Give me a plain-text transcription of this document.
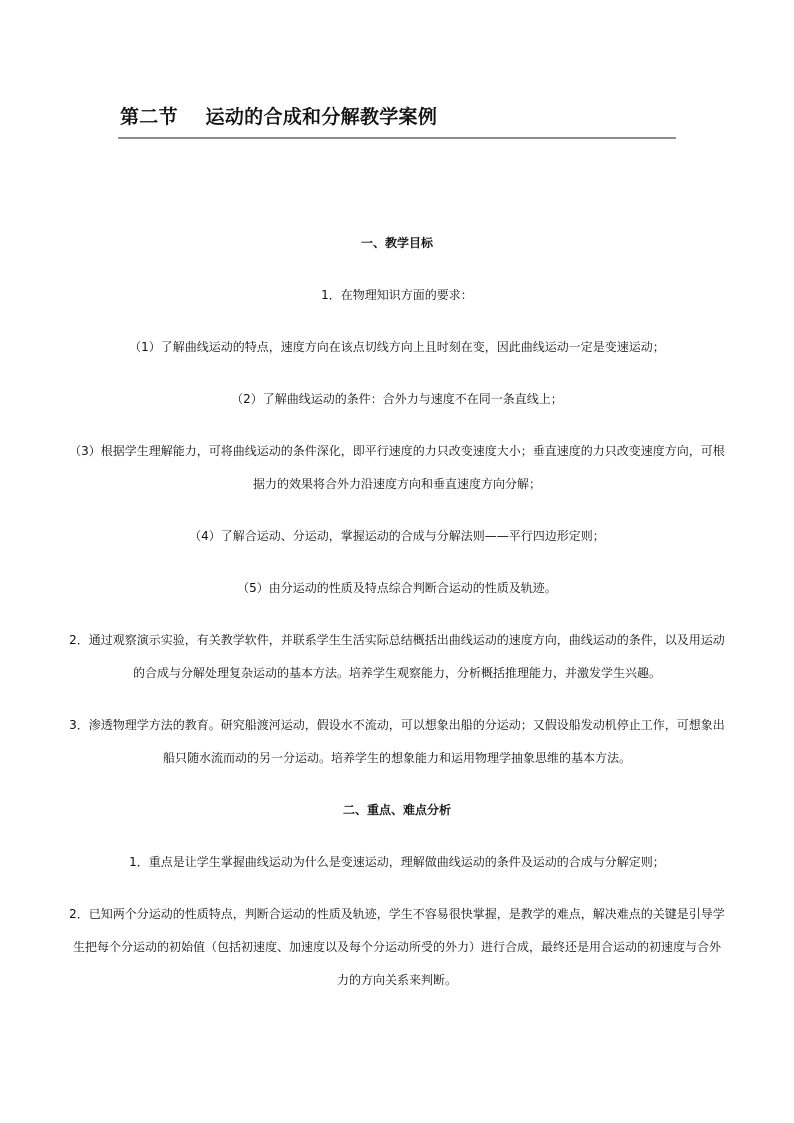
第二节    运动的合成和分解教学案例

一、教学目标

1．在物理知识方面的要求：

（1）了解曲线运动的特点，速度方向在该点切线方向上且时刻在变，因此曲线运动一定是变速运动；

（2）了解曲线运动的条件：合外力与速度不在同一条直线上；

（3）根据学生理解能力，可将曲线运动的条件深化，即平行速度的力只改变速度大小；垂直速度的力只改变速度方向，可根

据力的效果将合外力沿速度方向和垂直速度方向分解；

（4）了解合运动、分运动，掌握运动的合成与分解法则——平行四边形定则；

（5）由分运动的性质及特点综合判断合运动的性质及轨迹。

2．通过观察演示实验，有关教学软件，并联系学生生活实际总结概括出曲线运动的速度方向，曲线运动的条件，以及用运动

的合成与分解处理复杂运动的基本方法。培养学生观察能力，分析概括推理能力，并激发学生兴趣。

3．渗透物理学方法的教育。研究船渡河运动，假设水不流动，可以想象出船的分运动；又假设船发动机停止工作，可想象出

船只随水流而动的另一分运动。培养学生的想象能力和运用物理学抽象思维的基本方法。

二、重点、难点分析

1．重点是让学生掌握曲线运动为什么是变速运动，理解做曲线运动的条件及运动的合成与分解定则；

2．已知两个分运动的性质特点，判断合运动的性质及轨迹，学生不容易很快掌握，是教学的难点，解决难点的关键是引导学

生把每个分运动的初始值（包括初速度、加速度以及每个分运动所受的外力）进行合成，最终还是用合运动的初速度与合外

力的方向关系来判断。
